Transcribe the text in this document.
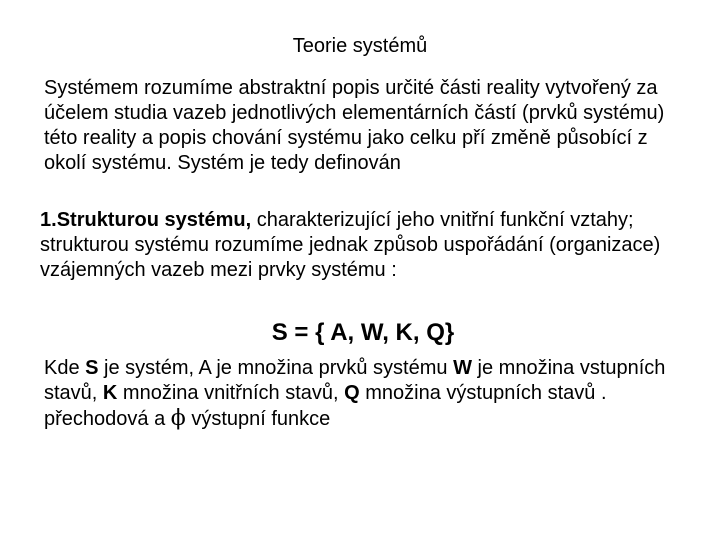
Teorie systémů

Systémem rozumíme abstraktní popis určité části reality vytvořený za účelem studia vazeb jednotlivých elementárních částí (prvků systému) této reality a popis chování systému jako celku pří změně působící z okolí systému. Systém je tedy definován

1.Strukturou systému, charakterizující jeho vnitřní funkční vztahy; strukturou systému rozumíme jednak způsob uspořádání (organizace) vzájemných vazeb mezi prvky systému :

S = { A, W, K, Q}

Kde S je systém, A je množina prvků systému W je množina vstupních stavů, K množina vnitřních stavů, Q množina výstupních stavů . přechodová a ϕ výstupní funkce
